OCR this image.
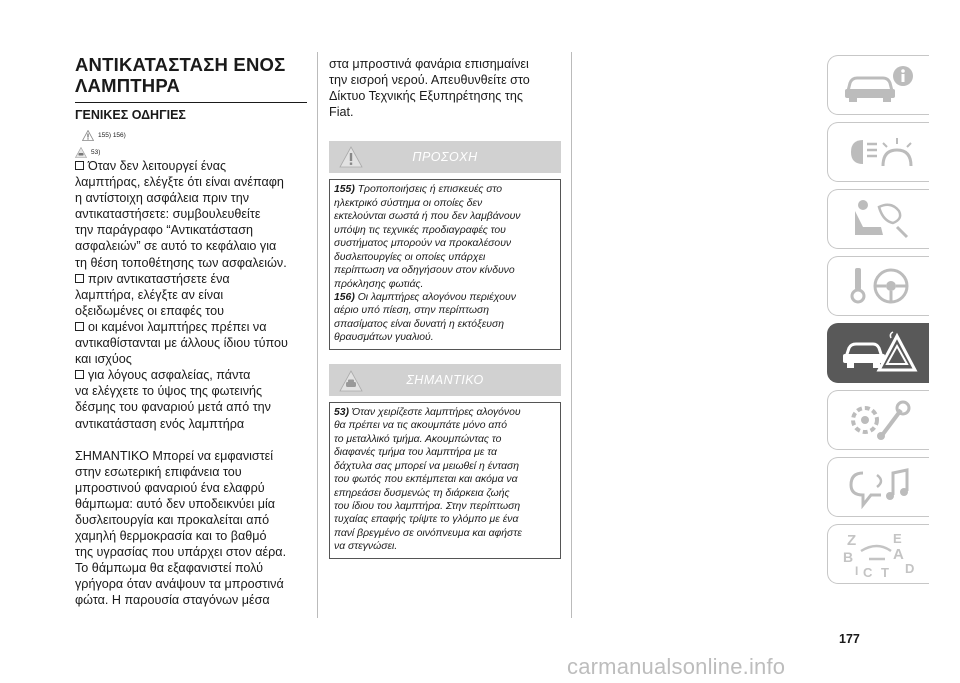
ΑΝΤΙΚΑΤΑΣΤΑΣΗ ΕΝΟΣ
ΛΑΜΠΤΗΡΑ
ΓΕΝΙΚΕΣ ΟΔΗΓΙΕΣ
155) 156)
53)

Όταν δεν λειτουργεί ένας

λαμπτήρας, ελέγξτε ότι είναι ανέπαφη

η αντίστοιχη ασφάλεια πριν την

αντικαταστήσετε: συμβουλευθείτε

την παράγραφο “Αντικατάσταση

ασφαλειών” σε αυτό το κεφάλαιο για

τη θέση τοποθέτησης των ασφαλειών.

πριν αντικαταστήσετε ένα

λαμπτήρα, ελέγξτε αν είναι

οξειδωμένες οι επαφές του

οι καμένοι λαμπτήρες πρέπει να

αντικαθίστανται με άλλους ίδιου τύπου

και ισχύος

για λόγους ασφαλείας, πάντα

να ελέγχετε το ύψος της φωτεινής

δέσμης του φαναριού μετά από την

αντικατάσταση ενός λαμπτήρα

ΣΗΜΑΝΤΙΚΟ Μπορεί να εμφανιστεί

στην εσωτερική επιφάνεια του

μπροστινού φαναριού ένα ελαφρύ

θάμπωμα: αυτό δεν υποδεικνύει μία

δυσλειτουργία και προκαλείται από

χαμηλή θερμοκρασία και το βαθμό

της υγρασίας που υπάρχει στον αέρα.

Το θάμπωμα θα εξαφανιστεί πολύ

γρήγορα όταν ανάψουν τα μπροστινά

φώτα. Η παρουσία σταγόνων μέσα

στα μπροστινά φανάρια επισημαίνει

την εισροή νερού. Απευθυνθείτε στο

Δίκτυο Τεχνικής Εξυπηρέτησης της

Fiat.

ΠΡΟΣΟΧΗ

155) Τροποποιήσεις ή επισκευές στο

ηλεκτρικό σύστημα οι οποίες δεν

εκτελούνται σωστά ή που δεν λαμβάνουν

υπόψη τις τεχνικές προδιαγραφές του

συστήματος μπορούν να προκαλέσουν

δυσλειτουργίες οι οποίες υπάρχει

περίπτωση να οδηγήσουν στον κίνδυνο

πρόκλησης φωτιάς.

156) Οι λαμπτήρες αλογόνου περιέχουν

αέριο υπό πίεση, στην περίπτωση

σπασίματος είναι δυνατή η εκτόξευση

θραυσμάτων γυαλιού.

ΣΗΜΑΝΤΙΚΟ

53) Όταν χειρίζεστε λαμπτήρες αλογόνου

θα πρέπει να τις ακουμπάτε μόνο από

το μεταλλικό τμήμα. Ακουμπώντας το

διαφανές τμήμα του λαμπτήρα με τα

δάχτυλα σας μπορεί να μειωθεί η ένταση

του φωτός που εκπέμπεται και ακόμα να

επηρεάσει δυσμενώς τη διάρκεια ζωής

του ίδιου του λαμπτήρα. Στην περίπτωση

τυχαίας επαφής τρίψτε το γλόμπο με ένα

πανί βρεγμένο σε οινόπνευμα και αφήστε

να στεγνώσει.	Z	E
B	A
C T D
I
177
carmanualsonline.info
